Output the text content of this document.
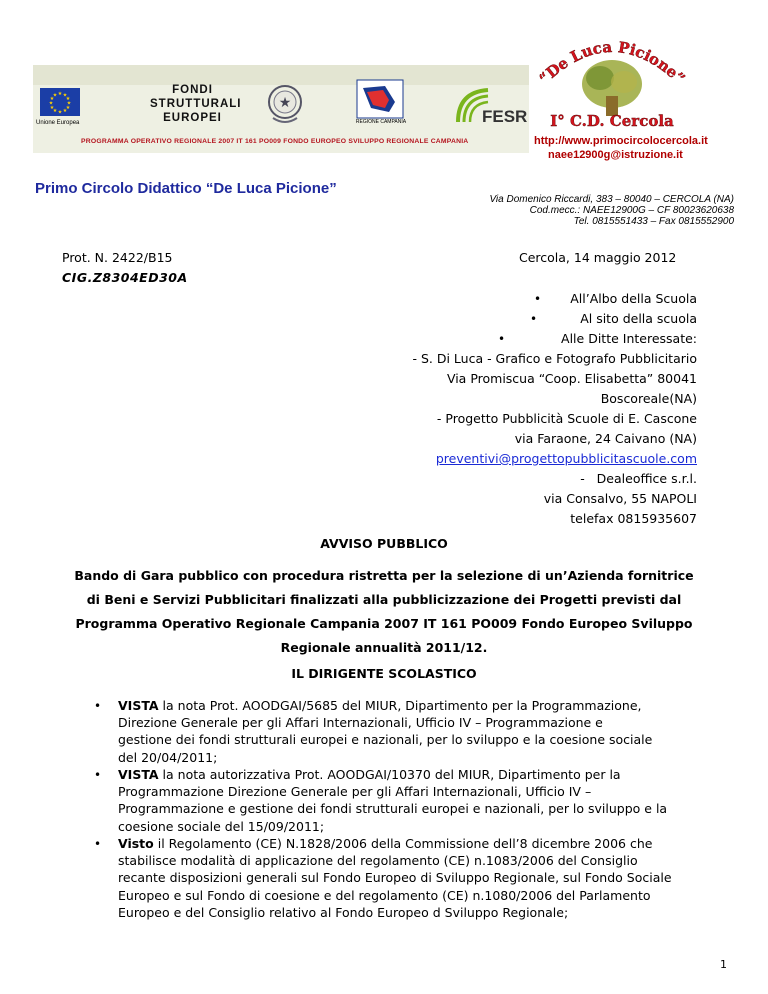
★ ★
★
★
★
★
★
★
★
★
★
★
Unione Europea
FONDI
STRUTTURALI
EUROPEI
★
REGIONE CAMPANIA	FESR
PROGRAMMA OPERATIVO REGIONALE 2007 IT 161 PO009 FONDO EUROPEO SVILUPPO REGIONALE CAMPANIA
“De Luca Picione”
I° C.D. Cercola
http://www.primocircolocercola.it
naee12900g@istruzione.it
Primo Circolo Didattico “De Luca Picione”
Via Domenico Riccardi, 383 – 80040 – CERCOLA (NA)
Cod.mecc.: NAEE12900G – CF 80023620638
Tel. 0815551433 – Fax 0815552900
Prot. N. 2422/B15
CIG.Z8304ED30A
Cercola, 14 maggio 2012
• All’Albo della Scuola
•	Al sito della scuola
•	Alle Ditte Interessate:
- S. Di Luca - Grafico e Fotografo Pubblicitario
Via Promiscua “Coop. Elisabetta” 80041
Boscoreale(NA)
- Progetto Pubblicità Scuole di E. Cascone
via Faraone, 24 Caivano (NA)
preventivi@progettopubblicitascuole.com
-   Dealeoffice s.r.l.
via Consalvo, 55 NAPOLI
telefax 0815935607
AVVISO PUBBLICO
Bando di Gara pubblico con procedura ristretta per la selezione di un’Azienda fornitrice
di Beni e Servizi Pubblicitari finalizzati alla pubblicizzazione dei Progetti previsti dal
Programma Operativo Regionale Campania 2007 IT 161 PO009 Fondo Europeo Sviluppo
Regionale annualità 2011/12.
IL DIRIGENTE SCOLASTICO
• VISTA la nota Prot. AOODGAI/5685 del MIUR, Dipartimento per la Programmazione,
Direzione Generale per gli Affari Internazionali, Ufficio IV – Programmazione e
gestione dei fondi strutturali europei e nazionali, per lo sviluppo e la coesione sociale
del 20/04/2011;
• VISTA la nota autorizzativa Prot. AOODGAI/10370 del MIUR, Dipartimento per la
Programmazione Direzione Generale per gli Affari Internazionali, Ufficio IV –
Programmazione e gestione dei fondi strutturali europei e nazionali, per lo sviluppo e la
coesione sociale del 15/09/2011;
• Visto il Regolamento (CE) N.1828/2006 della Commissione dell’8 dicembre 2006 che
stabilisce modalità di applicazione del regolamento (CE) n.1083/2006 del Consiglio
recante disposizioni generali sul Fondo Europeo di Sviluppo Regionale, sul Fondo Sociale
Europeo e sul Fondo di coesione e del regolamento (CE) n.1080/2006 del Parlamento
Europeo e del Consiglio relativo al Fondo Europeo d Sviluppo Regionale;
1
